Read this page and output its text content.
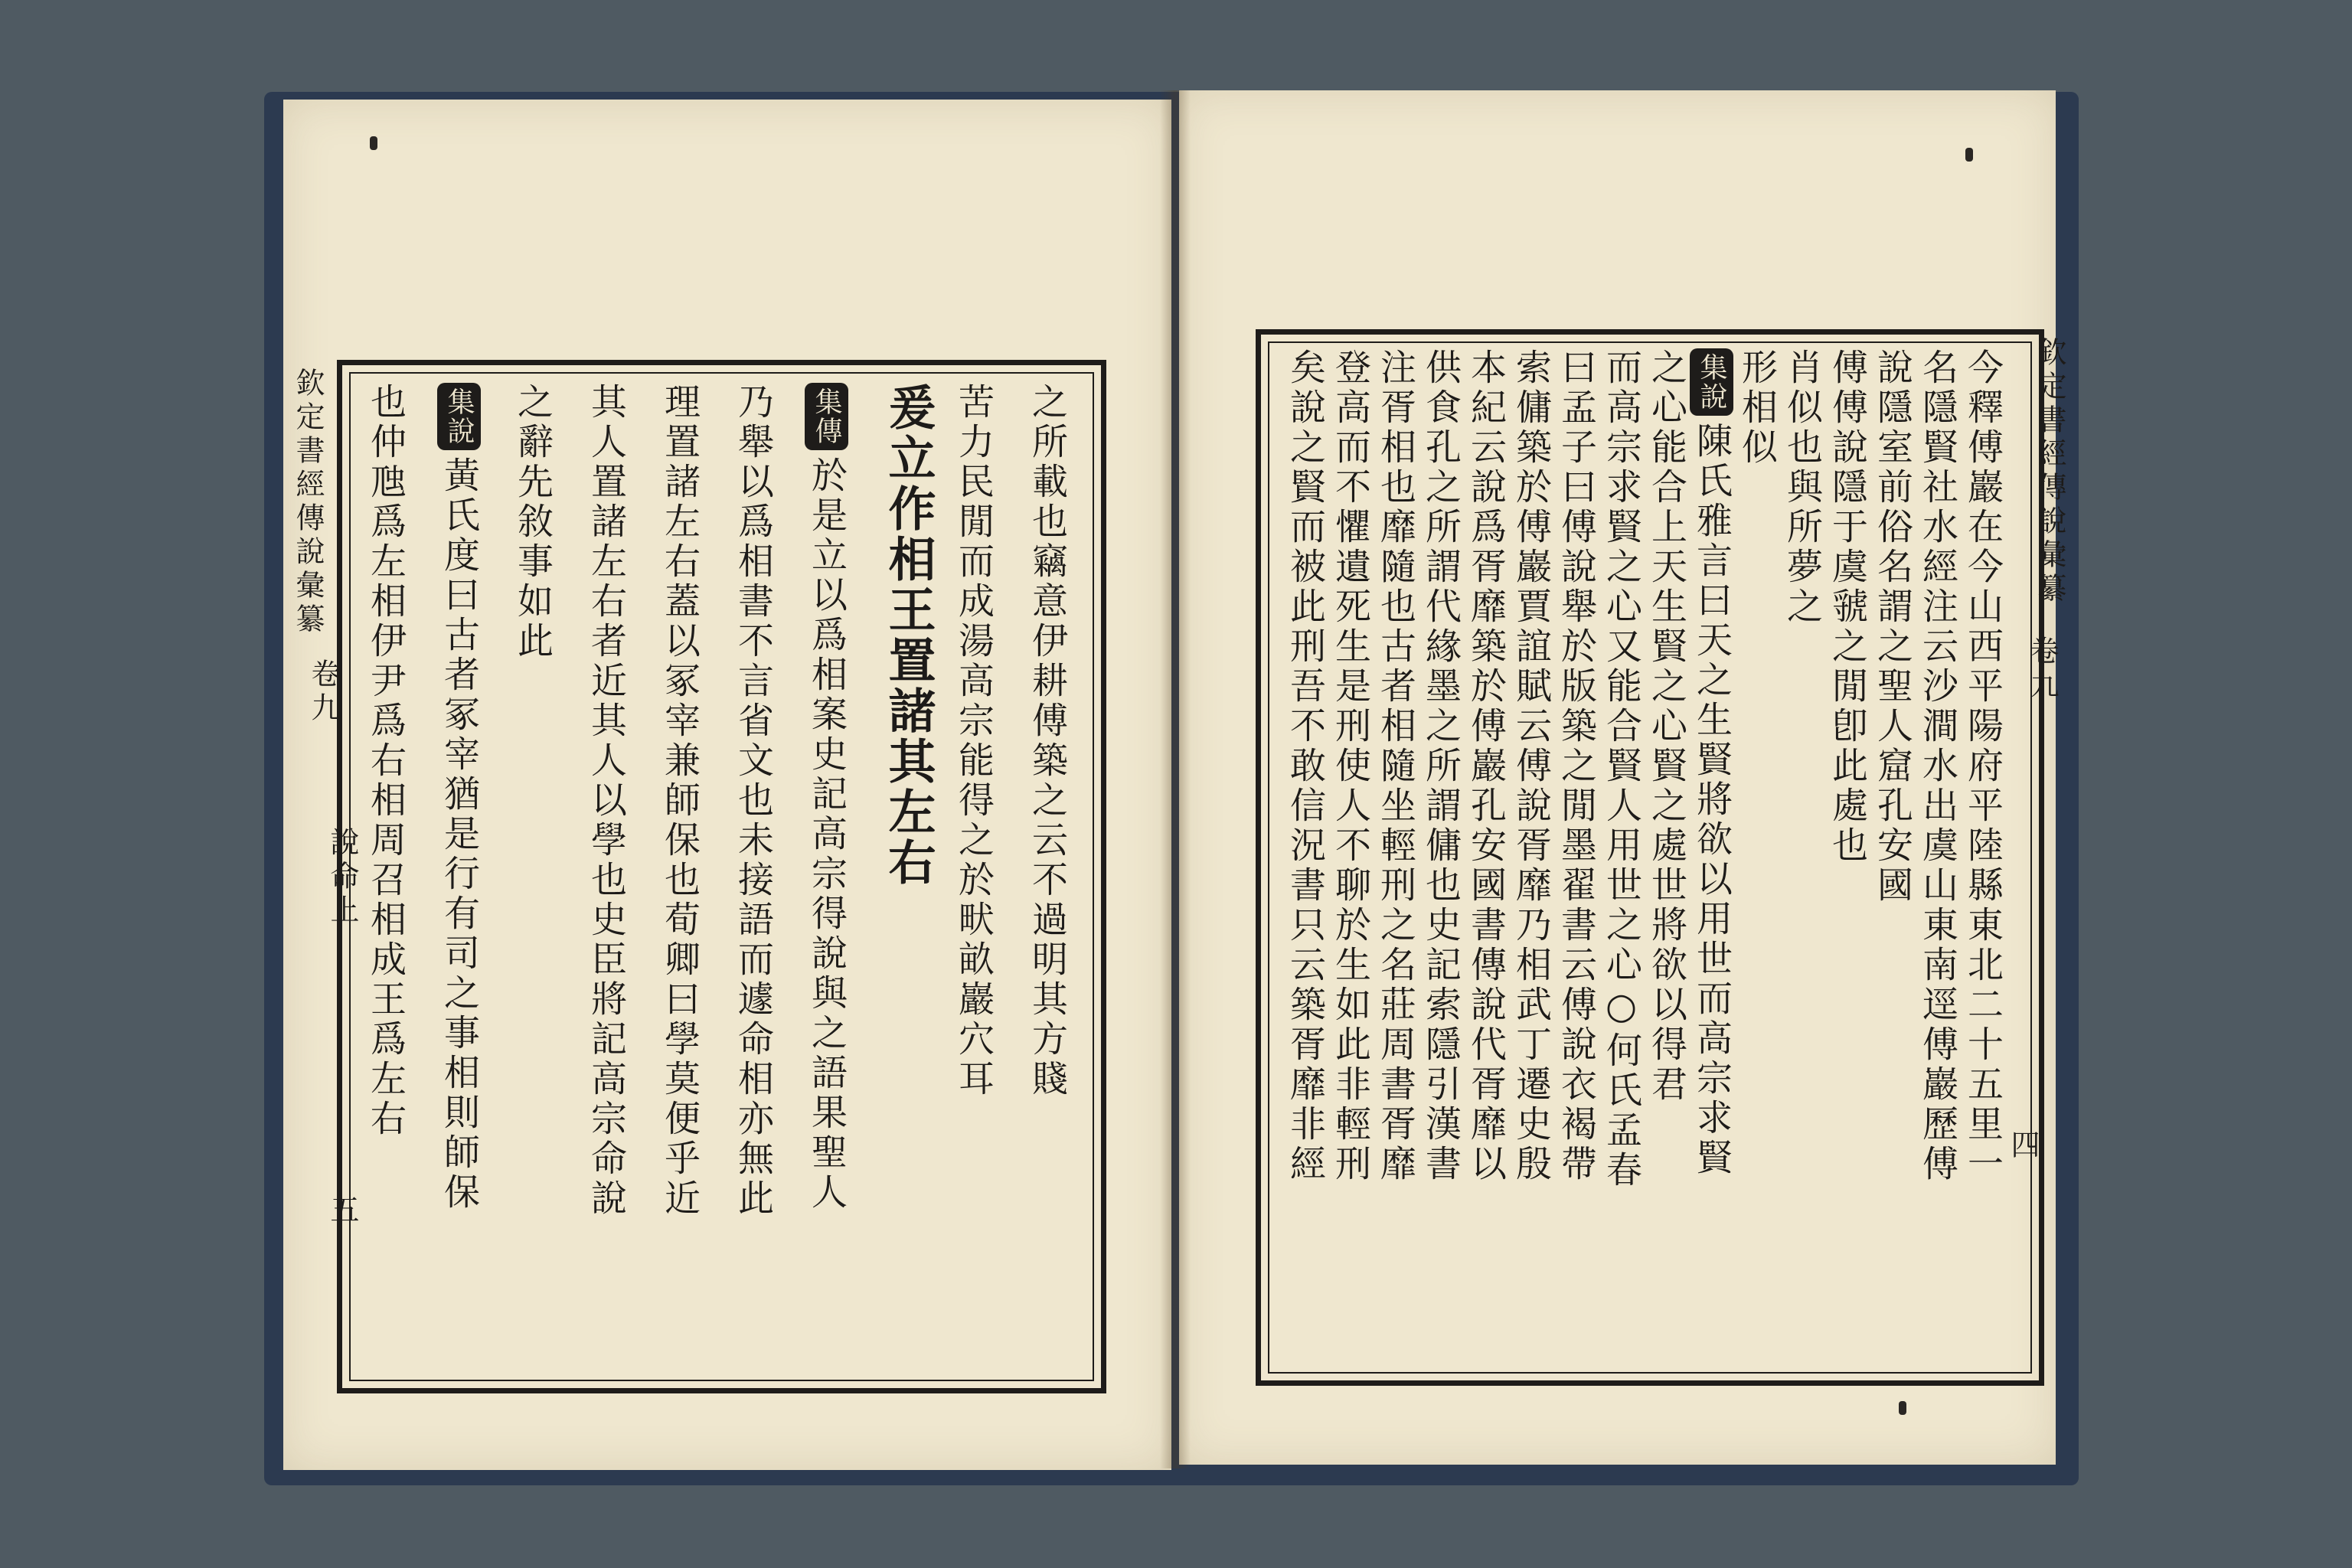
欽定書經傳說彙纂
卷九
說命上
五
之所載也竊意伊耕傅築之云不過明其方賤
苦力民閒而成湯高宗能得之於畎畝巖穴耳
爰立作相王置諸其左右
集傳於是立以爲相案史記高宗得說與之語果聖人
乃舉以爲相書不言省文也未接語而遽命相亦無此
理置諸左右蓋以冢宰兼師保也荀卿曰學莫便乎近
其人置諸左右者近其人以學也史臣將記高宗命說
之辭先敘事如此
集說黃氏度曰古者冢宰猶是行有司之事相則師保
也仲虺爲左相伊尹爲右相周召相成王爲左右	欽定書經傳說彙纂
卷九
四
今釋傅巖在今山西平陽府平陸縣東北二十五里一
名隱賢社水經注云沙澗水出虞山東南逕傅巖歷傅
說隱室前俗名謂之聖人窟孔安國
傅傅說隱于虞虢之閒卽此處也
肖似也與所夢之
形相似
集說陳氏雅言曰天之生賢將欲以用世而高宗求賢
之心能合上天生賢之心賢之處世將欲以得君
而高宗求賢之心又能合賢人用世之心○何氏孟春
曰孟子曰傅說舉於版築之閒墨翟書云傅說衣褐帶
索傭築於傅巖賈誼賦云傅說胥靡乃相武丁遷史殷
本紀云說爲胥靡築於傅巖孔安國書傳說代胥靡以
供食孔之所謂代緣墨之所謂傭也史記索隱引漢書
注胥相也靡隨也古者相隨坐輕刑之名莊周書胥靡
登高而不懼遺死生是刑使人不聊於生如此非輕刑
矣說之賢而被此刑吾不敢信況書只云築胥靡非經
